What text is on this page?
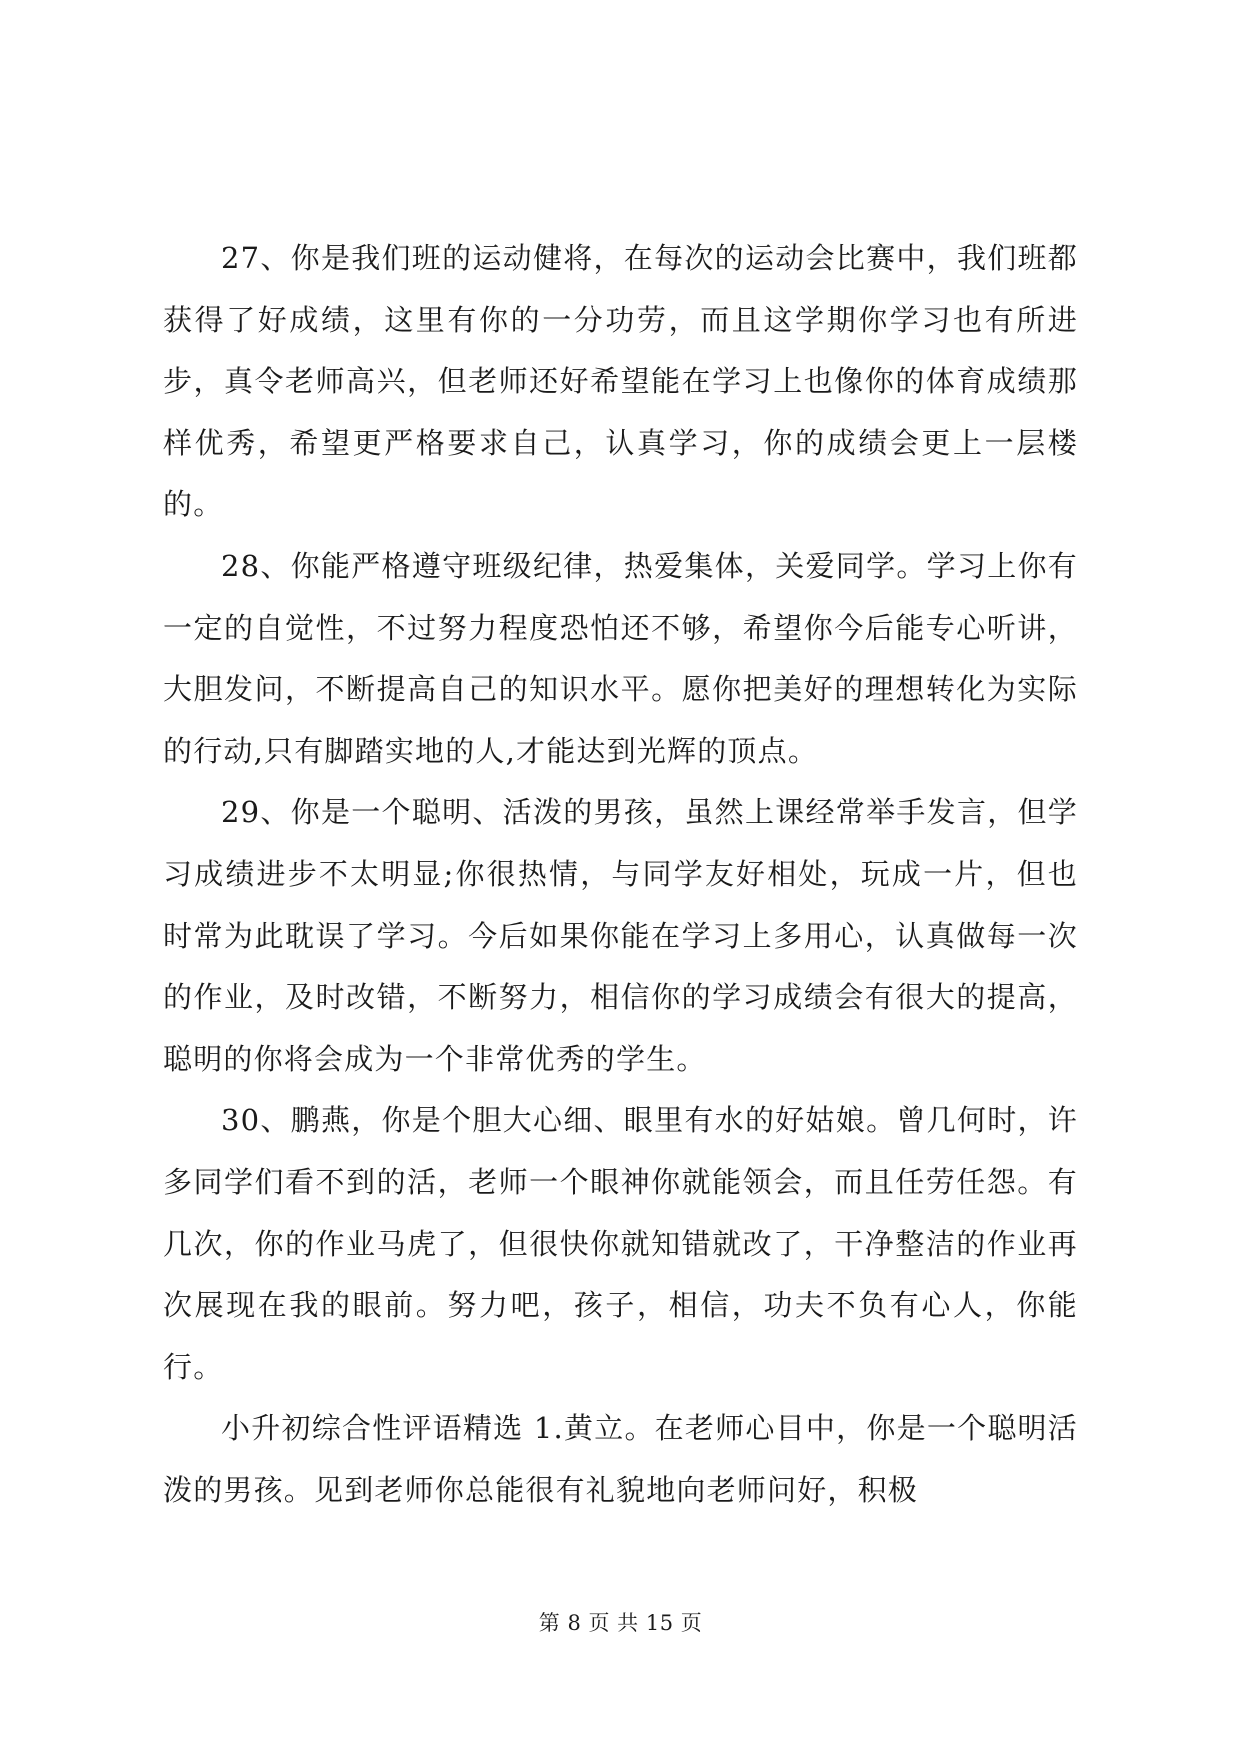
27、你是我们班的运动健将，在每次的运动会比赛中，我们班都获得了好成绩，这里有你的一分功劳，而且这学期你学习也有所进步，真令老师高兴，但老师还好希望能在学习上也像你的体育成绩那样优秀，希望更严格要求自己，认真学习，你的成绩会更上一层楼的。

28、你能严格遵守班级纪律，热爱集体，关爱同学。学习上你有一定的自觉性，不过努力程度恐怕还不够，希望你今后能专心听讲，大胆发问，不断提高自己的知识水平。愿你把美好的理想转化为实际的行动,只有脚踏实地的人,才能达到光辉的顶点。

29、你是一个聪明、活泼的男孩，虽然上课经常举手发言，但学习成绩进步不太明显;你很热情，与同学友好相处，玩成一片，但也时常为此耽误了学习。今后如果你能在学习上多用心，认真做每一次的作业，及时改错，不断努力，相信你的学习成绩会有很大的提高，聪明的你将会成为一个非常优秀的学生。

30、鹏燕，你是个胆大心细、眼里有水的好姑娘。曾几何时，许多同学们看不到的活，老师一个眼神你就能领会，而且任劳任怨。有几次，你的作业马虎了，但很快你就知错就改了，干净整洁的作业再次展现在我的眼前。努力吧，孩子，相信，功夫不负有心人，你能行。

小升初综合性评语精选 1.黄立。在老师心目中，你是一个聪明活泼的男孩。见到老师你总能很有礼貌地向老师问好，积极

第 8 页 共 15 页
